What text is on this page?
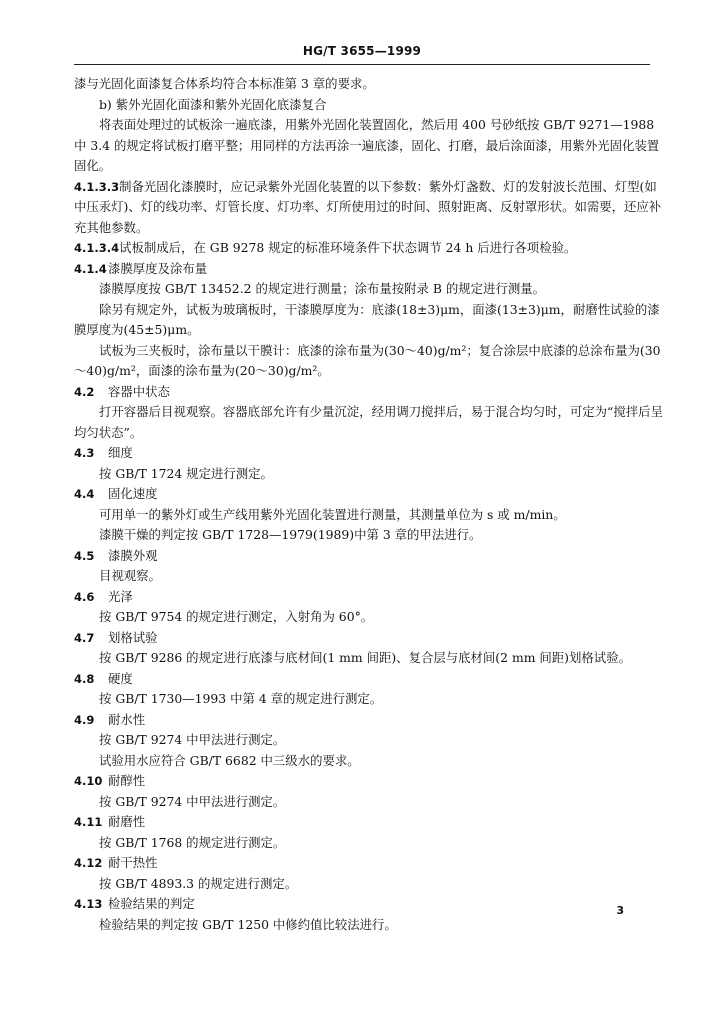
HG/T 3655—1999

漆与光固化面漆复合体系均符合本标准第 3 章的要求。

b) 紫外光固化面漆和紫外光固化底漆复合

将表面处理过的试板涂一遍底漆，用紫外光固化装置固化，然后用 400 号砂纸按 GB/T 9271—1988 中 3.4 的规定将试板打磨平整；用同样的方法再涂一遍底漆，固化、打磨，最后涂面漆，用紫外光固化装置固化。

4.1.3.3制备光固化漆膜时，应记录紫外光固化装置的以下参数：紫外灯盏数、灯的发射波长范围、灯型(如中压汞灯)、灯的线功率、灯管长度、灯功率、灯所使用过的时间、照射距离、反射罩形状。如需要，还应补充其他参数。

4.1.3.4试板制成后，在 GB 9278 规定的标准环境条件下状态调节 24 h 后进行各项检验。

4.1.4漆膜厚度及涂布量

漆膜厚度按 GB/T 13452.2 的规定进行测量；涂布量按附录 B 的规定进行测量。

除另有规定外，试板为玻璃板时，干漆膜厚度为：底漆(18±3)μm，面漆(13±3)μm，耐磨性试验的漆膜厚度为(45±5)μm。

试板为三夹板时，涂布量以干膜计：底漆的涂布量为(30～40)g/m²；复合涂层中底漆的总涂布量为(30～40)g/m²，面漆的涂布量为(20～30)g/m²。

4.2 容器中状态

打开容器后目视观察。容器底部允许有少量沉淀，经用调刀搅拌后，易于混合均匀时，可定为“搅拌后呈均匀状态”。

4.3 细度

按 GB/T 1724 规定进行测定。

4.4 固化速度

可用单一的紫外灯或生产线用紫外光固化装置进行测量，其测量单位为 s 或 m/min。

漆膜干燥的判定按 GB/T 1728—1979(1989)中第 3 章的甲法进行。

4.5 漆膜外观

目视观察。

4.6 光泽

按 GB/T 9754 的规定进行测定，入射角为 60°。

4.7 划格试验

按 GB/T 9286 的规定进行底漆与底材间(1 mm 间距)、复合层与底材间(2 mm 间距)划格试验。

4.8 硬度

按 GB/T 1730—1993 中第 4 章的规定进行测定。

4.9 耐水性

按 GB/T 9274 中甲法进行测定。

试验用水应符合 GB/T 6682 中三级水的要求。

4.10 耐醇性

按 GB/T 9274 中甲法进行测定。

4.11 耐磨性

按 GB/T 1768 的规定进行测定。

4.12 耐干热性

按 GB/T 4893.3 的规定进行测定。

4.13 检验结果的判定

检验结果的判定按 GB/T 1250 中修约值比较法进行。

3
